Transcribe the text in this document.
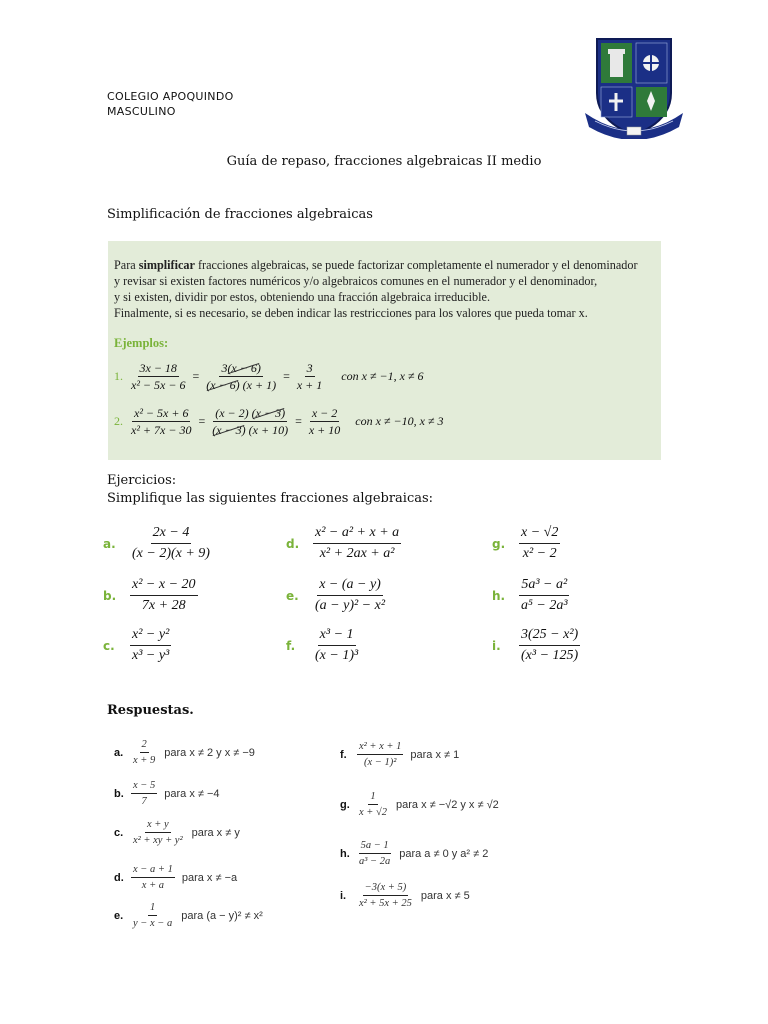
COLEGIO APOQUINDO
MASCULINO
Guía de repaso, fracciones algebraicas II medio
Simplificación de fracciones algebraicas
Para simplificar fracciones algebraicas, se puede factorizar completamente el numerador y el denominador
y revisar si existen factores numéricos y/o algebraicos comunes en el numerador y el denominador,
y si existen, dividir por estos, obteniendo una fracción algebraica irreducible.
Finalmente, si es necesario, se deben indicar las restricciones para los valores que pueda tomar x.
Ejemplos:
1. $\frac{3x - 18}{\text{x² − 5x − 6}} = \frac{3(x - 6)}{(x - 6) (x + 1)} = \frac{3}{x + 1}$ con x ≠ −1, x ≠ 6
2. $\frac{\text{x² − 5x + 6}}{\text{x² + 7x − 30}} = \frac{(x - 2) (x - 3)}{(x - 3) (x + 10)} = \frac{x - 2}{x + 10}$ con x ≠ −10, x ≠ 3
Ejercicios:
Simplifique las siguientes fracciones algebraicas:
a.	$\frac{2x - 4}{(x - 2)(x + 9)}$
b. $\frac{\text{x² − x − 20}}{7x + 28}$
c.	$\frac{\text{x² − y²}}{\text{x³ − y³}}$
d. $\frac{\text{x² − a² + x + a}}{\text{x² + 2ax + a²}}$
e.	$\frac{x - (a - y)}{\text{(a − y)² − x²}}$
f.	$\frac{\text{x³ − 1}}{\text{(x − 1)³}}$
g. $\frac{x - √2}{\text{x² − 2}}$
h. $\frac{\text{5a³ − a²}}{\text{a⁵ − 2a³}}$
i.	$\frac{\text{3(25 − x²)}}{\text{(x³ − 125)}}$
Respuestas.
a. $\frac{2}{x + 9}$ para x ≠ 2 y x ≠ −9
b. $\frac{x - 5}{7}$ para x ≠ −4
c. $\frac{x + y}{\text{x² + xy + y²}}$ para x ≠ y
d. $\frac{x - a + 1}{x + a}$ para x ≠ −a
e. $\frac{1}{y - x - a}$ para (a − y)² ≠ x²
f. $\frac{\text{x² + x + 1}}{\text{(x − 1)²}}$ para x ≠ 1
g. $\frac{1}{x + √2}$ para x ≠ −√2 y x ≠ √2
h. $\frac{5a - 1}{\text{a³ − 2a}}$ para a ≠ 0 y a² ≠ 2
i.	$\frac{-3(x + 5)}{\text{x² + 5x + 25}}$ para x ≠ 5
